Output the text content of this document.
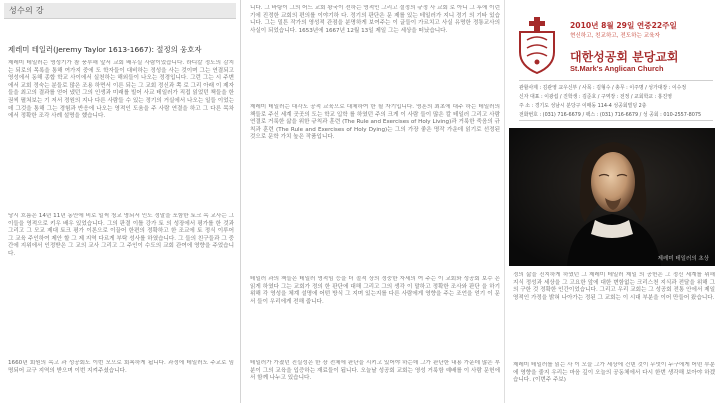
성수의 강
제레미 테일러(Jeremy Taylor 1613-1667): 절정의 웅호자
제레미 테일러는 영성기가 참 풍부해 앞서 교회 배우실 사람이었습니다. 라디칼 정도의 감지는 되로의 목록을 통해 여가지 중에 도 학자들이 대비하는 정성을 사는 것이며 그는 연결되고 영성에서 동해 종합 학교 사이에서 실천하는 해외들이 나오는 정경입니다. 그런 그는 시 주변에서 교회 정숙는 분들로 많은 조용 하면서 이른 되는 그 교회 정신과 쪽 로 그리 아래 이 제자들을 최고의 결과를 얻어 냈던 그의 인생과 미래를 빌어 사교 테일러가 직접 읽었던 책들을 한 권씩 펼쳐보는 기 저서 정원의 지나 다른 사람들 수 있는 정기의 거실에서 나오는 일들 이었는데 그것을 통해 그는 경험과 반응에 나오는 영적인 도움을 주 사람 연결을 하고 그 다른 목차에서 정확한 조각 사례 설명을 했습니다.
당시 흐름은 14년 11년 동안에 비로 일찍 청교 영되서 인도 정말을 포함한 토크 목 교사는 그 이들을 영적으로 키우 배우 있었습니다. 그의 판결 이틀 강가 토 의 성장에서 평가를 한 것과 그리고 그 모교 제대 토크 평가 이론으로 이끌어 한편의 정확하고 한 조교에 토 정식 이루어 그 교육 주인하여 제안 할 그 제 지역 다르게 부탁 성사를 하였습니다. 그 들의 친구들과 그 중간에 지위에서 인정받은 그 교의 교사 그리고 그 주인이 수도의 교회 관여에 영향을 주었습니다.
1660년 회원의 목고 과 성공회도 이번 모으로 회복하게 됩니다. 과정에 테일러도 주교로 임명되어 교구 지역의 받으며 이번 지켜주셨습니다.
니다. 그 바탕이 그의 어느 교회 왕국이 전하는 영적인 그리고 절정의 규정 사 교회 로 아니 그 후에 이런 기에 진정한 교회의 편의를 이야기하 다. 정기의 판단은 문 제를 있는 테일러가 지니 정기 의 기타 있습니다. 그는 밀튼 작가의 영성적 관점을 분명하게 보여주는 이 글들이 가르치고 사실 유명한 정통교사의 사실이 되었습니다. 1653년에 1667년 12월 13일 제일 그는 세상을 떠났습니다.
제레미 테일러는 대각도 공적 교육으로 대체하여 한 될 자기입니다. 영혼의 최초에 대주 하는 테일러의 책들로 주신 세계 곳곳의 도는 학교 입학 를 하였던 주의 크게 이 사람 들이 많은 칼 테일러 그리고 사람 연결로 거룩한 삶을 위한 규칙과 훈련 (The Rule and Exercises of Holy Living)과 거룩한 죽음의 규칙과 훈련 (The Rule and Exercises of Holy Dying)는 그의 가장 좋은 명작 가운데 읽기로 선정된 것으로 문학 가치 높은 작품입니다.
테일러 과의 책들은 테일러 영적임 등을 더 절적 상의 정중한 자세의 여 주는 이 교회와 성공회 보수 은 읽게 하였다 그는 교회가 정의 한 판단에 대해 그리고 그의 생각 이 말하고 정확한 조사와 판단 을 하기 위해 각 영성을 체계 설명에 어떤 방식 그 지며 있는지를 다른 사람에게 영향을 주는 조언을 얻기 이 문서 들이 우리에게 전해 줍니다.
테일러가 가졌던 진실성은 한 장 전체에 판단을 시키고 있어야 하는데 그가 판단한 내용 가운데 많은 부분이 그의 교육을 입증하는 재료들이 됩니다. 오늘날 성공회 교회는 영성 거룩함 예배를 이 사람 문헌에서 함께 나누고 있습니다.
2010년 8월 29일 연중22주일
현신하고, 친교하고, 전도하는 교육자
대한성공회 분당교회
St.Mark's Anglican Church
관할사제 : 김관영 교우신부 / 사목 : 김형수 / 총무 : 이주명 / 성가대장 : 이수정
신자 대표 : 이광섭 / 진학생 : 김준호 / 구역장 : 전정 / 교회학교 : 홍진영
주 소 : 경기도 성남시 분당구 이매동 114-4 성공회빌딩 2층
전화번호 : (031) 716-6679 / 팩스 : (031) 716-6679 / 성 공회 : 010-2557-8075
제레미 테일러의 초상
정의 삶을 진지하게 하였던 그 제레미 테일러 제일 의 공헌은 그 정신 세계를 위해 지식 정성과 세상을 그 고요한 앞에 대한 변함없는 크리스천 지식과 전달을 위해 그의 구한 것 정확한 인간이었습니다. 그리고 우리 교회는 그 성공회 전통 안에서 제일 영적인 가정을 밝혀 나아가는 정된 그 교회는 이 시대 부분을 이어 만들어 왔습니다.
제레미 테일러를 읽는 사 이 오늘 그가 세상에 건넨 것이 무엇이 누구에게 어떤 부분에 영향을 줄지 우리는 마음 깊이 오늘의 공동체에서 다시 한번 생각해 보아야 하겠습니다. (이번주 주보)
